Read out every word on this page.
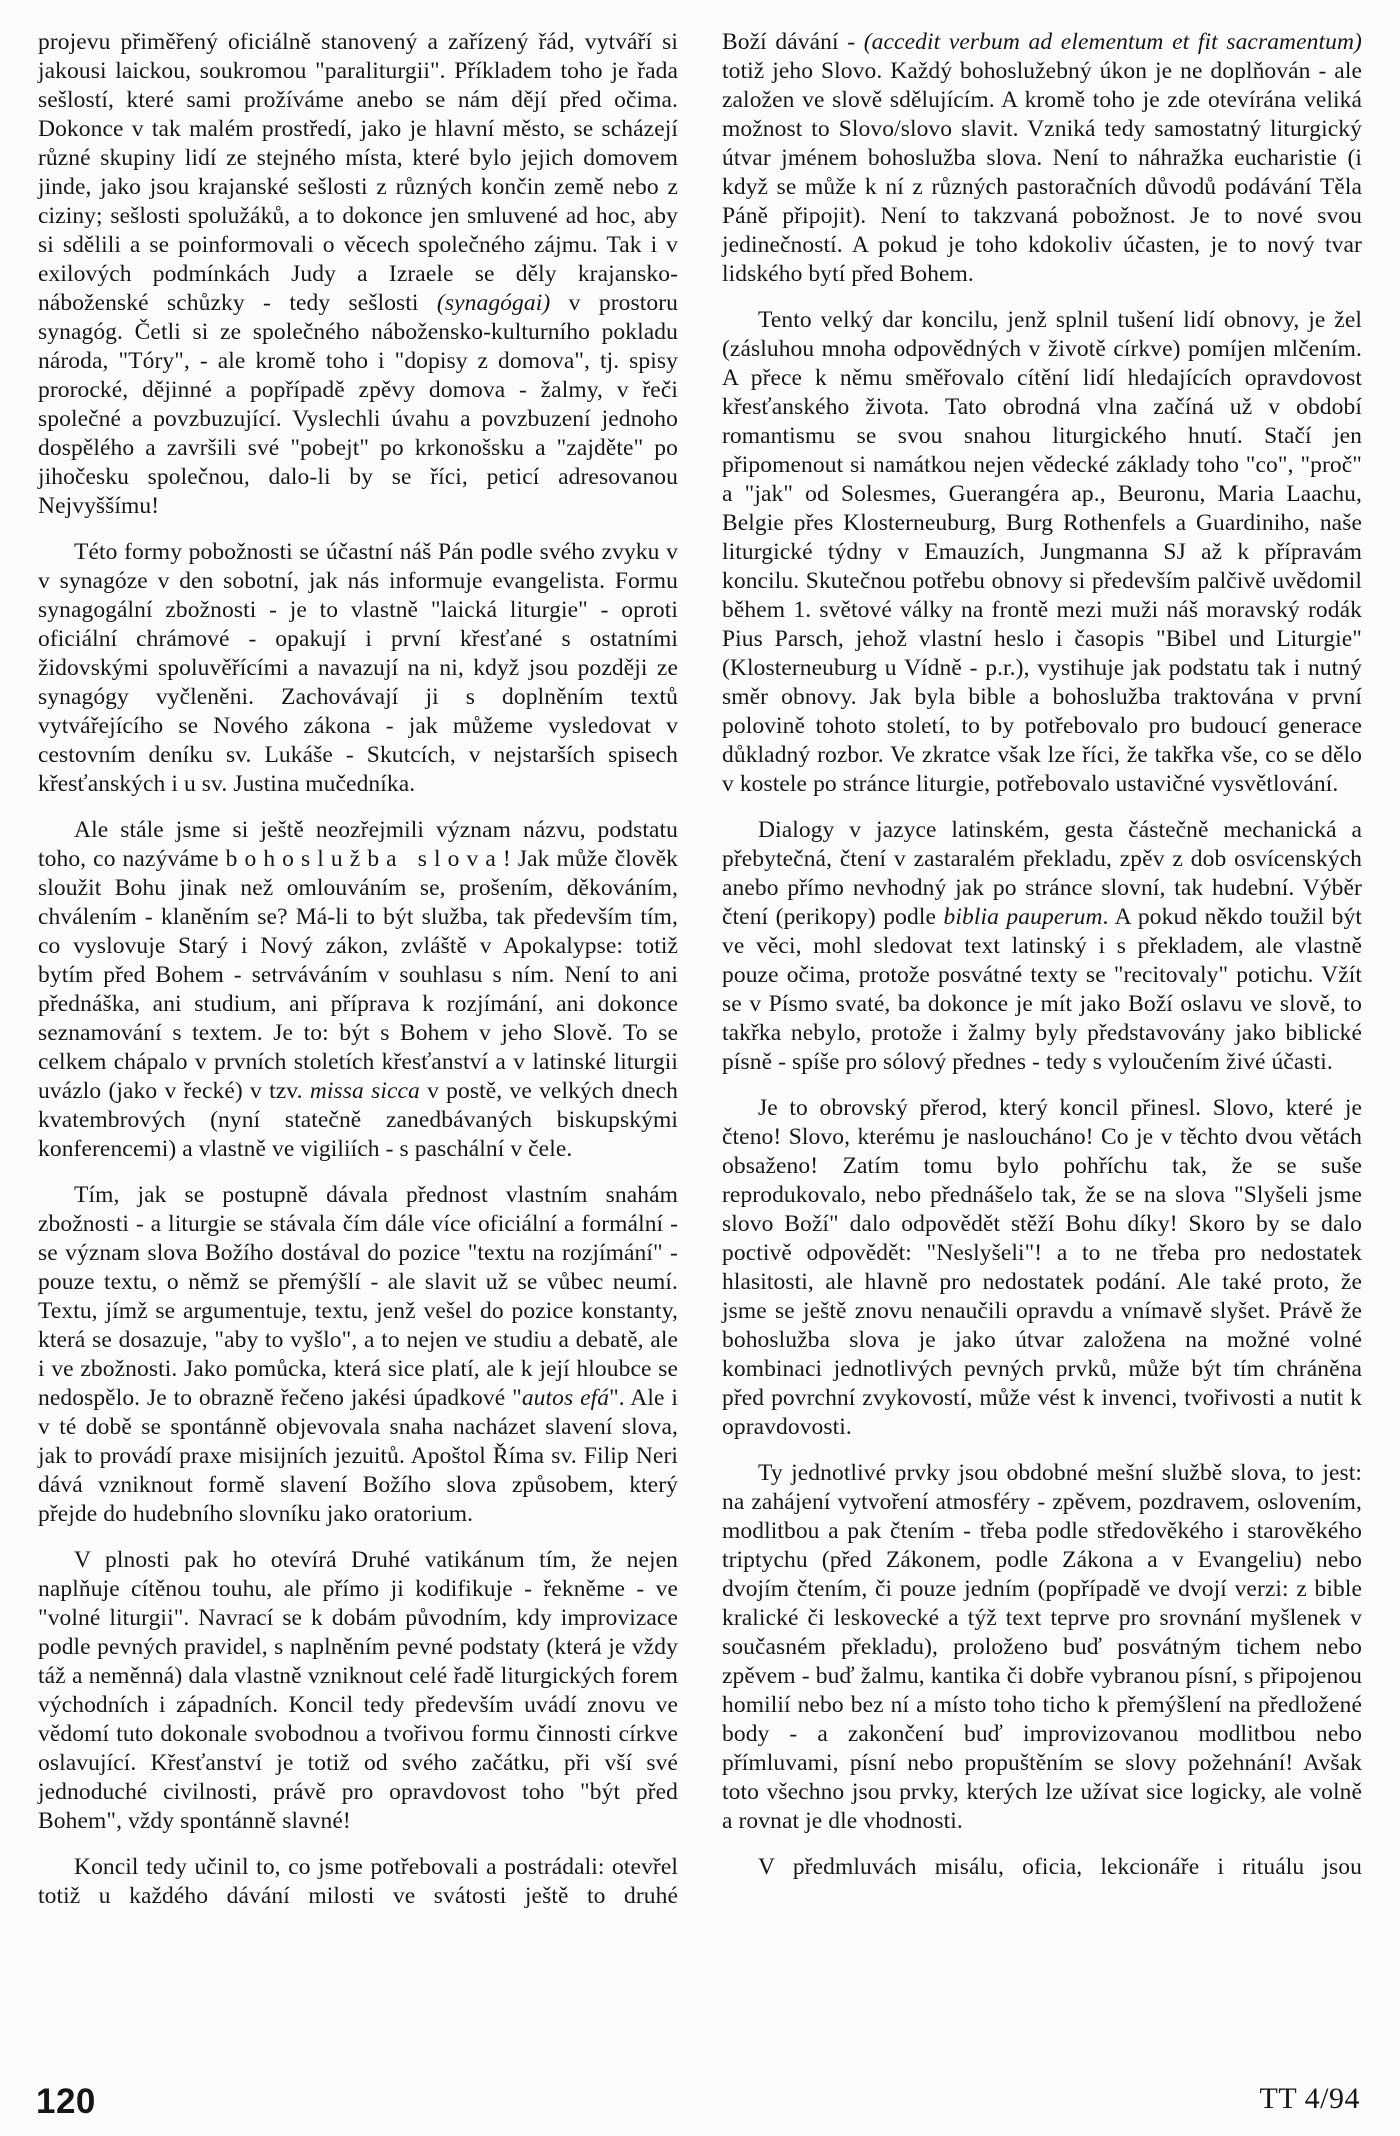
projevu přiměřený oficiálně stanovený a zařízený řád, vytváří si jakousi laickou, soukromou "paraliturgii". Příkladem toho je řada sešlostí, které sami prožíváme anebo se nám dějí před očima. Dokonce v tak malém prostředí, jako je hlavní město, se scházejí různé skupiny lidí ze stejného místa, které bylo jejich domovem jinde, jako jsou krajanské sešlosti z různých končin země nebo z ciziny; sešlosti spolužáků, a to dokonce jen smluvené ad hoc, aby si sdělili a se poinformovali o věcech společného zájmu. Tak i v exilových podmínkách Judy a Izraele se děly krajansko-náboženské schůzky - tedy sešlosti (synagógai) v prostoru synagóg. Četli si ze společného nábožensko-kulturního pokladu národa, "Tóry", - ale kromě toho i "dopisy z domova", tj. spisy prorocké, dějinné a popřípadě zpěvy domova - žalmy, v řeči společné a povzbuzující. Vyslechli úvahu a povzbuzení jednoho dospělého a završili své "pobejt" po krkonošsku a "zajděte" po jihočesku společnou, dalo-li by se říci, peticí adresovanou Nejvyššímu!

Této formy pobožnosti se účastní náš Pán podle svého zvyku v v synagóze v den sobotní, jak nás informuje evangelista. Formu synagogální zbožnosti - je to vlastně "laická liturgie" - oproti oficiální chrámové - opakují i první křesťané s ostatními židovskými spoluvěřícími a navazují na ni, když jsou později ze synagógy vyčleněni. Zachovávají ji s doplněním textů vytvářejícího se Nového zákona - jak můžeme vysledovat v cestovním deníku sv. Lukáše - Skutcích, v nejstarších spisech křesťanských i u sv. Justina mučedníka.

Ale stále jsme si ještě neozřejmili význam názvu, podstatu toho, co nazýváme b o h o s l u ž b a   s l o v a ! Jak může člověk sloužit Bohu jinak než omlouváním se, prošením, děkováním, chválením - klaněním se? Má-li to být služba, tak především tím, co vyslovuje Starý i Nový zákon, zvláště v Apokalypse: totiž bytím před Bohem - setrváváním v souhlasu s ním. Není to ani přednáška, ani studium, ani příprava k rozjímání, ani dokonce seznamování s textem. Je to: být s Bohem v jeho Slově. To se celkem chápalo v prvních stoletích křesťanství a v latinské liturgii uvázlo (jako v řecké) v tzv. missa sicca v postě, ve velkých dnech kvatembrových (nyní statečně zanedbávaných biskupskými konferencemi) a vlastně ve vigiliích - s paschální v čele.

Tím, jak se postupně dávala přednost vlastním snahám zbožnosti - a liturgie se stávala čím dále více oficiální a formální - se význam slova Božího dostával do pozice "textu na rozjímání" - pouze textu, o němž se přemýšlí - ale slavit už se vůbec neumí. Textu, jímž se argumentuje, textu, jenž vešel do pozice konstanty, která se dosazuje, "aby to vyšlo", a to nejen ve studiu a debatě, ale i ve zbožnosti. Jako pomůcka, která sice platí, ale k její hloubce se nedospělo. Je to obrazně řečeno jakési úpadkové "autos efá". Ale i v té době se spontánně objevovala snaha nacházet slavení slova, jak to provádí praxe misijních jezuitů. Apoštol Říma sv. Filip Neri dává vzniknout formě slavení Božího slova způsobem, který přejde do hudebního slovníku jako oratorium.

V plnosti pak ho otevírá Druhé vatikánum tím, že nejen naplňuje cítěnou touhu, ale přímo ji kodifikuje - řekněme - ve "volné liturgii". Navrací se k dobám původním, kdy improvizace podle pevných pravidel, s naplněním pevné podstaty (která je vždy táž a neměnná) dala vlastně vzniknout celé řadě liturgických forem východních i západních. Koncil tedy především uvádí znovu ve vědomí tuto dokonale svobodnou a tvořivou formu činnosti církve oslavující. Křesťanství je totiž od svého začátku, při vší své jednoduché civilnosti, právě pro opravdovost toho "být před Bohem", vždy spontánně slavné!

Koncil tedy učinil to, co jsme potřebovali a postrádali: otevřel totiž u každého dávání milosti ve svátosti ještě to druhé

Boží dávání - (accedit verbum ad elementum et fit sacramentum) totiž jeho Slovo. Každý bohoslužebný úkon je ne doplňován - ale založen ve slově sdělujícím. A kromě toho je zde otevírána veliká možnost to Slovo/slovo slavit. Vzniká tedy samostatný liturgický útvar jménem bohoslužba slova. Není to náhražka eucharistie (i když se může k ní z různých pastoračních důvodů podávání Těla Páně připojit). Není to takzvaná pobožnost. Je to nové svou jedinečností. A pokud je toho kdokoliv účasten, je to nový tvar lidského bytí před Bohem.

Tento velký dar koncilu, jenž splnil tušení lidí obnovy, je žel (zásluhou mnoha odpovědných v životě církve) pomíjen mlčením. A přece k němu směřovalo cítění lidí hledajících opravdovost křesťanského života. Tato obrodná vlna začíná už v období romantismu se svou snahou liturgického hnutí. Stačí jen připomenout si namátkou nejen vědecké základy toho "co", "proč" a "jak" od Solesmes, Guerangéra ap., Beuronu, Maria Laachu, Belgie přes Klosterneuburg, Burg Rothenfels a Guardiniho, naše liturgické týdny v Emauzích, Jungmanna SJ až k přípravám koncilu. Skutečnou potřebu obnovy si především palčivě uvědomil během 1. světové války na frontě mezi muži náš moravský rodák Pius Parsch, jehož vlastní heslo i časopis "Bibel und Liturgie" (Klosterneuburg u Vídně - p.r.), vystihuje jak podstatu tak i nutný směr obnovy. Jak byla bible a bohoslužba traktována v první polovině tohoto století, to by potřebovalo pro budoucí generace důkladný rozbor. Ve zkratce však lze říci, že takřka vše, co se dělo v kostele po stránce liturgie, potřebovalo ustavičné vysvětlování.

Dialogy v jazyce latinském, gesta částečně mechanická a přebytečná, čtení v zastaralém překladu, zpěv z dob osvícenských anebo přímo nevhodný jak po stránce slovní, tak hudební. Výběr čtení (perikopy) podle biblia pauperum. A pokud někdo toužil být ve věci, mohl sledovat text latinský i s překladem, ale vlastně pouze očima, protože posvátné texty se "recitovaly" potichu. Vžít se v Písmo svaté, ba dokonce je mít jako Boží oslavu ve slově, to takřka nebylo, protože i žalmy byly představovány jako biblické písně - spíše pro sólový přednes - tedy s vyloučením živé účasti.

Je to obrovský přerod, který koncil přinesl. Slovo, které je čteno! Slovo, kterému je nasloucháno! Co je v těchto dvou větách obsaženo! Zatím tomu bylo pohříchu tak, že se suše reprodukovalo, nebo přednášelo tak, že se na slova "Slyšeli jsme slovo Boží" dalo odpovědět stěží Bohu díky! Skoro by se dalo poctivě odpovědět: "Neslyšeli"! a to ne třeba pro nedostatek hlasitosti, ale hlavně pro nedostatek podání. Ale také proto, že jsme se ještě znovu nenaučili opravdu a vnímavě slyšet. Právě že bohoslužba slova je jako útvar založena na možné volné kombinaci jednotlivých pevných prvků, může být tím chráněna před povrchní zvykovostí, může vést k invenci, tvořivosti a nutit k opravdovosti.

Ty jednotlivé prvky jsou obdobné mešní službě slova, to jest: na zahájení vytvoření atmosféry - zpěvem, pozdravem, oslovením, modlitbou a pak čtením - třeba podle středověkého i starověkého triptychu (před Zákonem, podle Zákona a v Evangeliu) nebo dvojím čtením, či pouze jedním (popřípadě ve dvojí verzi: z bible kralické či leskovecké a týž text teprve pro srovnání myšlenek v současném překladu), proloženo buď posvátným tichem nebo zpěvem - buď žalmu, kantika či dobře vybranou písní, s připojenou homilií nebo bez ní a místo toho ticho k přemýšlení na předložené body - a zakončení buď improvizovanou modlitbou nebo přímluvami, písní nebo propuštěním se slovy požehnání! Avšak toto všechno jsou prvky, kterých lze užívat sice logicky, ale volně a rovnat je dle vhodnosti.

V předmluvách misálu, oficia, lekcionáře i rituálu jsou

120	TT 4/94
